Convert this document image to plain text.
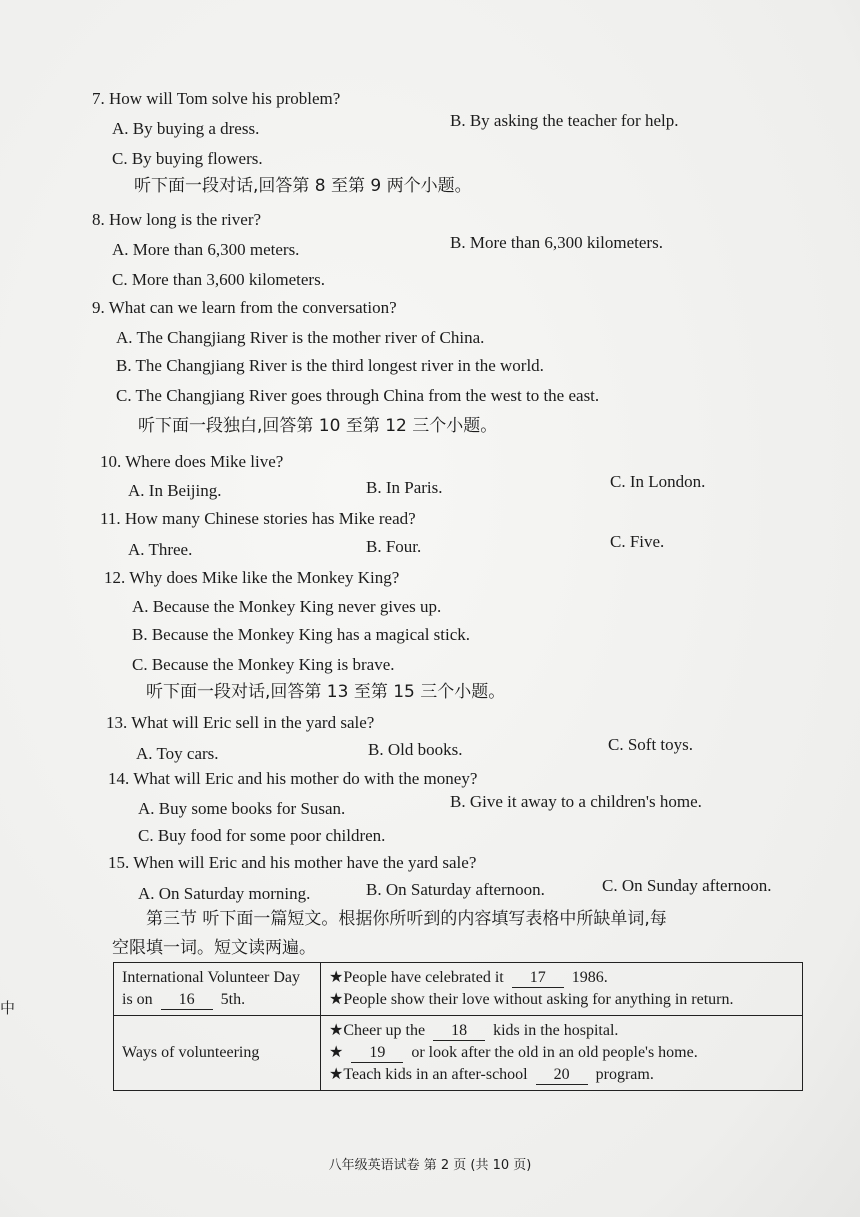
7. How will Tom solve his problem?
A. By buying a dress.	B. By asking the teacher for help.
C. By buying flowers.
听下面一段对话,回答第 8 至第 9 两个小题。
8. How long is the river?
A. More than 6,300 meters.	B. More than 6,300 kilometers.
C. More than 3,600 kilometers.
9. What can we learn from the conversation?
A. The Changjiang River is the mother river of China.
B. The Changjiang River is the third longest river in the world.
C. The Changjiang River goes through China from the west to the east.
听下面一段独白,回答第 10 至第 12 三个小题。
10. Where does Mike live?
A. In Beijing.	B. In Paris.	C. In London.
11. How many Chinese stories has Mike read?
A. Three.	B. Four.	C. Five.
12. Why does Mike like the Monkey King?
A. Because the Monkey King never gives up.
B. Because the Monkey King has a magical stick.
C. Because the Monkey King is brave.
听下面一段对话,回答第 13 至第 15 三个小题。
13. What will Eric sell in the yard sale?
A. Toy cars.	B. Old books.	C. Soft toys.
14. What will Eric and his mother do with the money?
A. Buy some books for Susan.	B. Give it away to a children's home.
C. Buy food for some poor children.
15. When will Eric and his mother have the yard sale?
A. On Saturday morning.	B. On Saturday afternoon.	C. On Sunday afternoon.
第三节 听下面一篇短文。根据你所听到的内容填写表格中所缺单词,每
空限填一词。短文读两遍。
中
International Volunteer Day is on 16 5th.	★People have celebrated it 17 1986.
★People show their love without asking for anything in return.

Ways of volunteering	★Cheer up the 18 kids in the hospital.
★ 19 or look after the old in an old people's home.
★Teach kids in an after-school 20 program.
八年级英语试卷 第 2 页 (共 10 页)
